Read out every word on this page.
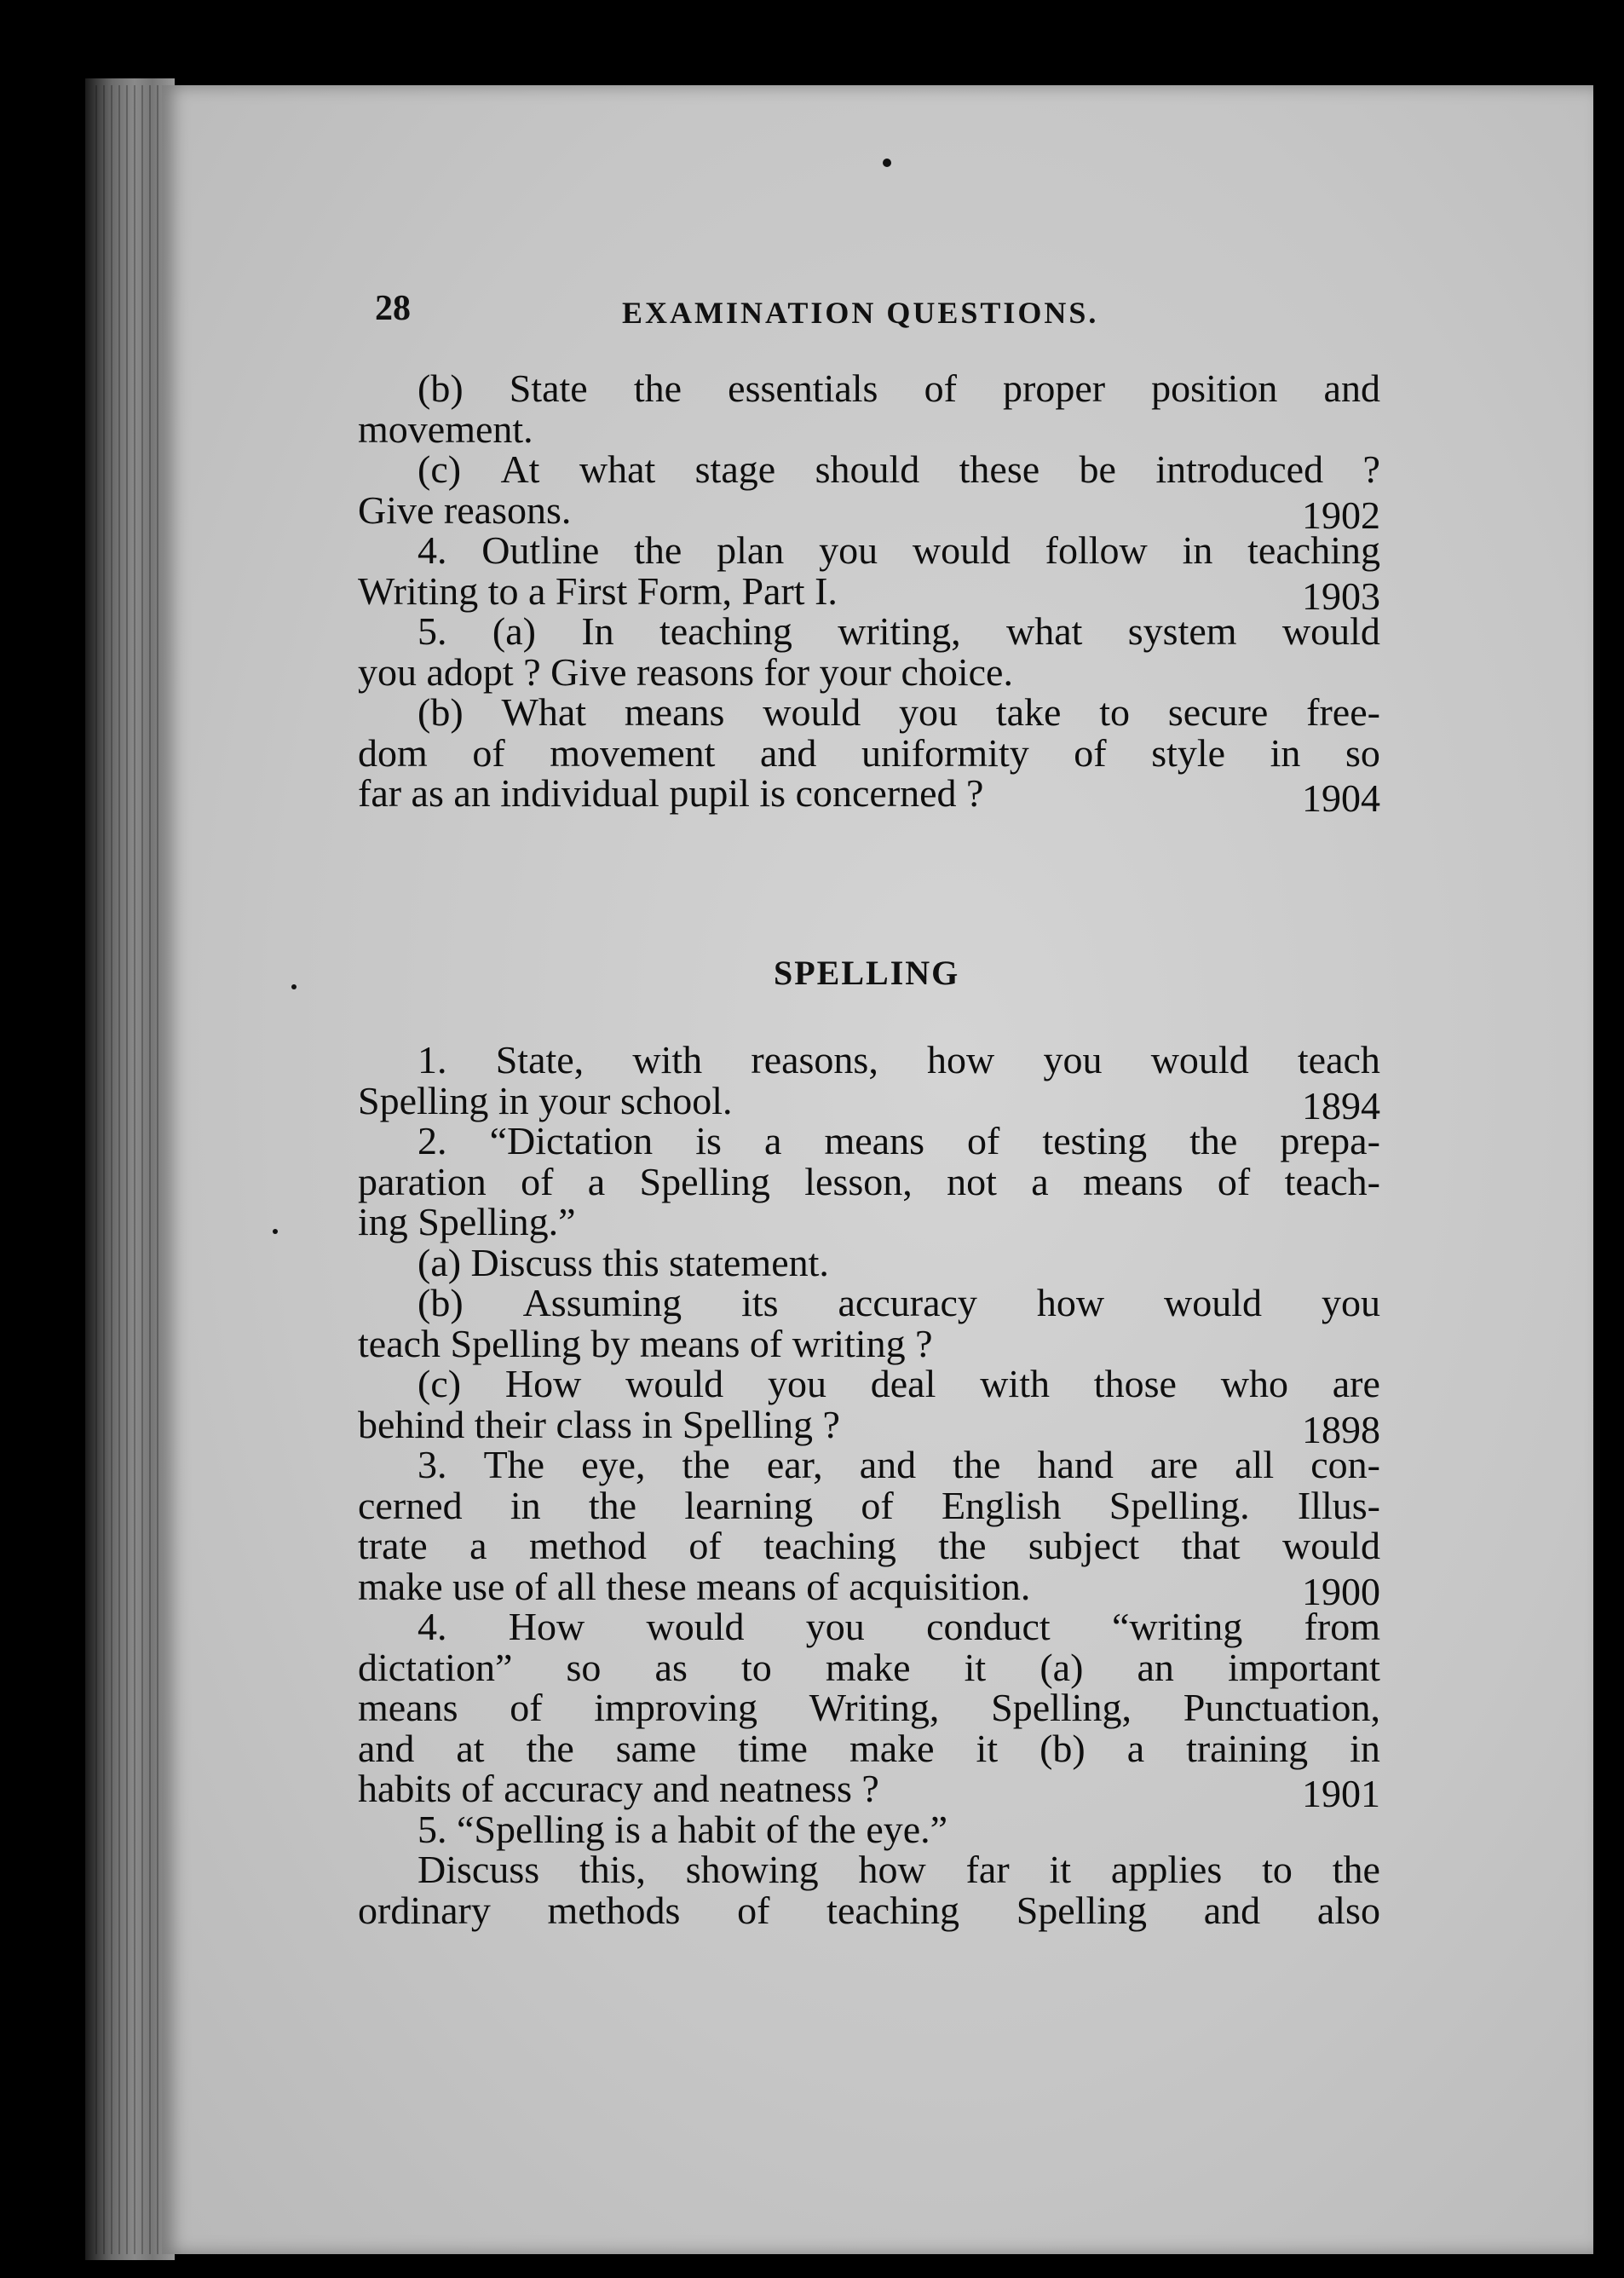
28	EXAMINATION QUESTIONS.
(b) State the essentials of proper position and
movement.
(c) At what stage should these be introduced ?
Give reasons.	1902
4. Outline the plan you would follow in teaching
Writing to a First Form, Part I.	1903
5. (a) In teaching writing, what system would
you adopt ? Give reasons for your choice.
(b) What means would you take to secure free-
dom of movement and uniformity of style in so
far as an individual pupil is concerned ?	1904
SPELLING
1. State, with reasons, how you would teach
Spelling in your school.	1894
2. “Dictation is a means of testing the prepa-
paration of a Spelling lesson, not a means of teach-
ing Spelling.”
(a) Discuss this statement.
(b) Assuming its accuracy how would you
teach Spelling by means of writing ?
(c) How would you deal with those who are
behind their class in Spelling ?	1898
3. The eye, the ear, and the hand are all con-
cerned in the learning of English Spelling. Illus-
trate a method of teaching the subject that would
make use of all these means of acquisition.	1900
4. How would you conduct “writing from
dictation” so as to make it (a) an important
means of improving Writing, Spelling, Punctuation,
and at the same time make it (b) a training in
habits of accuracy and neatness ?	1901
5. “Spelling is a habit of the eye.”
Discuss this, showing how far it applies to the
ordinary methods of teaching Spelling and also
